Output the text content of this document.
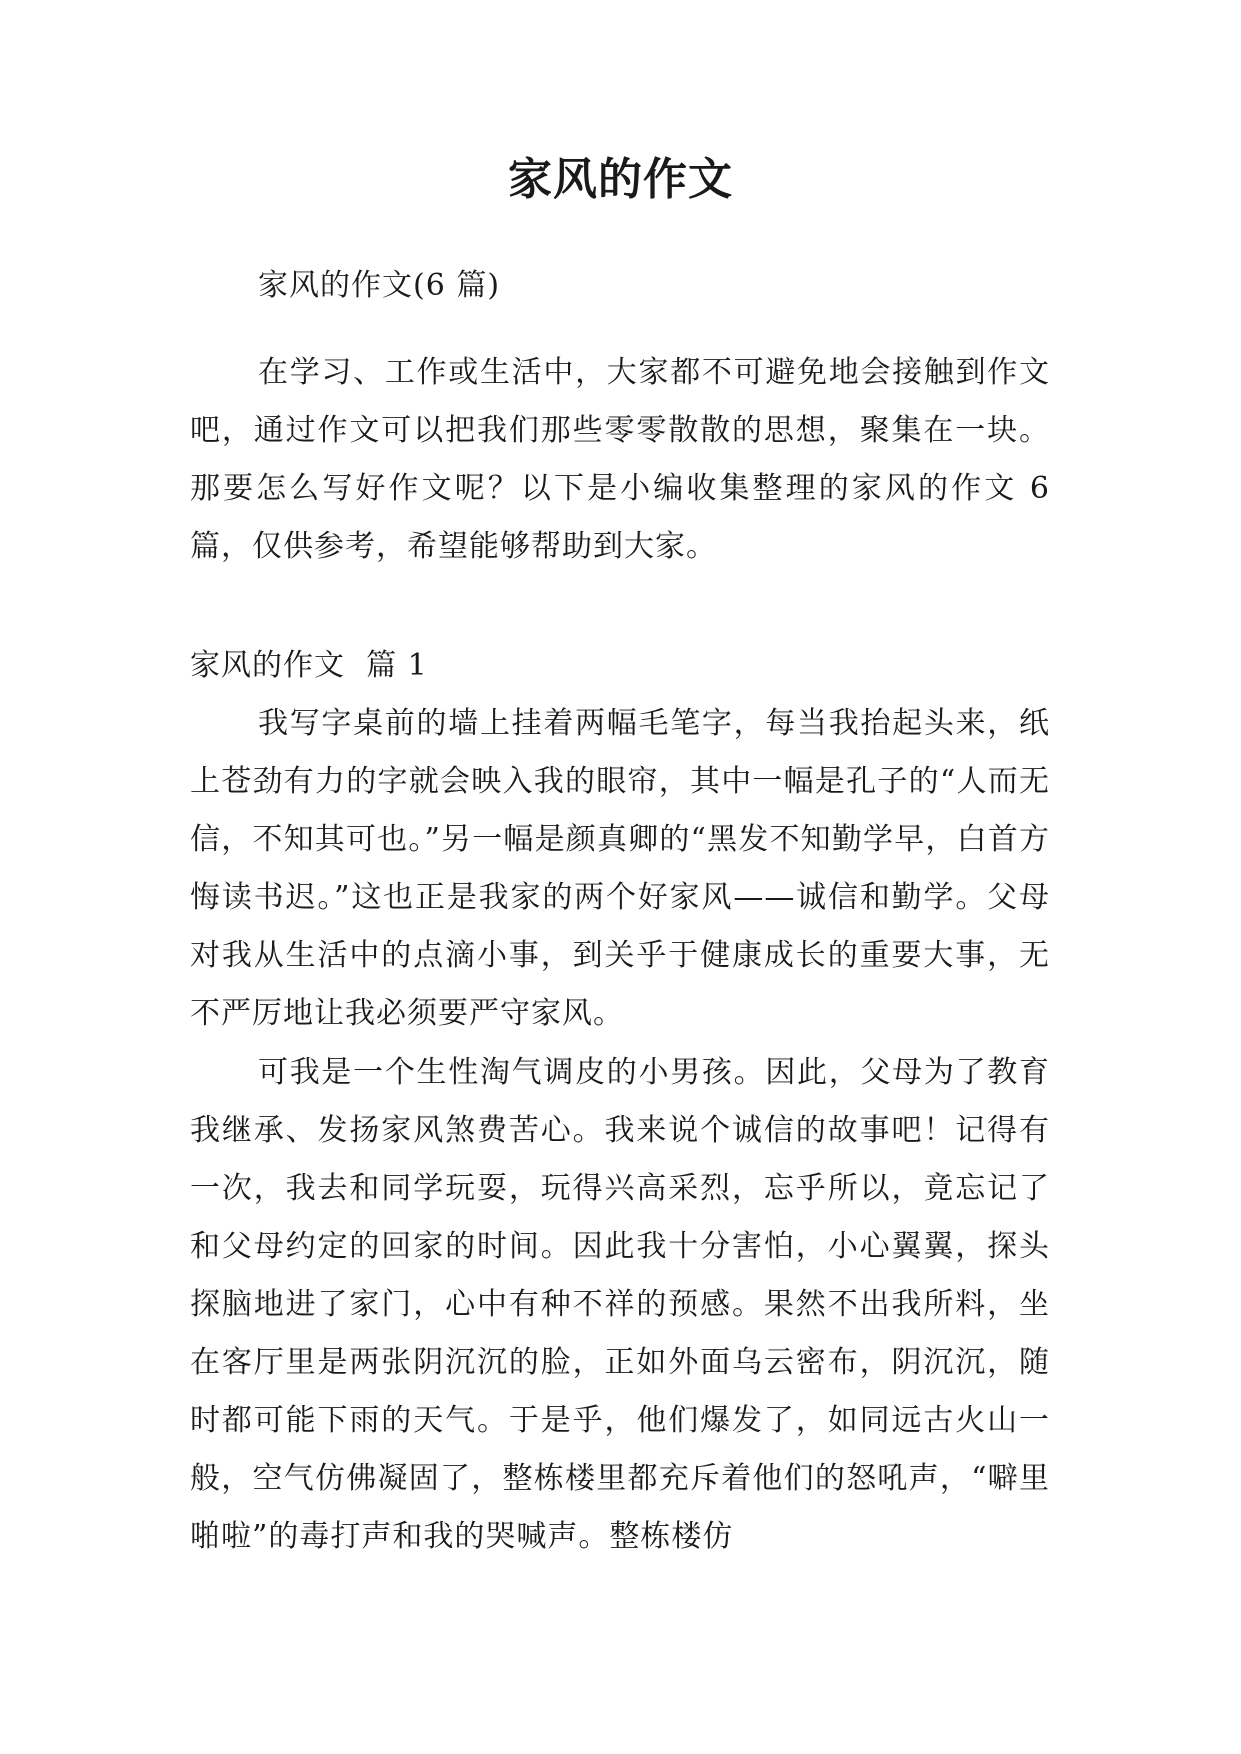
家风的作文

家风的作文(6 篇)

在学习、工作或生活中，大家都不可避免地会接触到作文吧，通过作文可以把我们那些零零散散的思想，聚集在一块。那要怎么写好作文呢？以下是小编收集整理的家风的作文 6 篇，仅供参考，希望能够帮助到大家。

家风的作文  篇 1

我写字桌前的墙上挂着两幅毛笔字，每当我抬起头来，纸上苍劲有力的字就会映入我的眼帘，其中一幅是孔子的“人而无信，不知其可也。”另一幅是颜真卿的“黑发不知勤学早，白首方悔读书迟。”这也正是我家的两个好家风——诚信和勤学。父母对我从生活中的点滴小事，到关乎于健康成长的重要大事，无不严厉地让我必须要严守家风。

可我是一个生性淘气调皮的小男孩。因此，父母为了教育我继承、发扬家风煞费苦心。我来说个诚信的故事吧！记得有一次，我去和同学玩耍，玩得兴高采烈，忘乎所以，竟忘记了和父母约定的回家的时间。因此我十分害怕，小心翼翼，探头探脑地进了家门，心中有种不祥的预感。果然不出我所料，坐在客厅里是两张阴沉沉的脸，正如外面乌云密布，阴沉沉，随时都可能下雨的天气。于是乎，他们爆发了，如同远古火山一般，空气仿佛凝固了，整栋楼里都充斥着他们的怒吼声，“噼里啪啦”的毒打声和我的哭喊声。整栋楼仿
